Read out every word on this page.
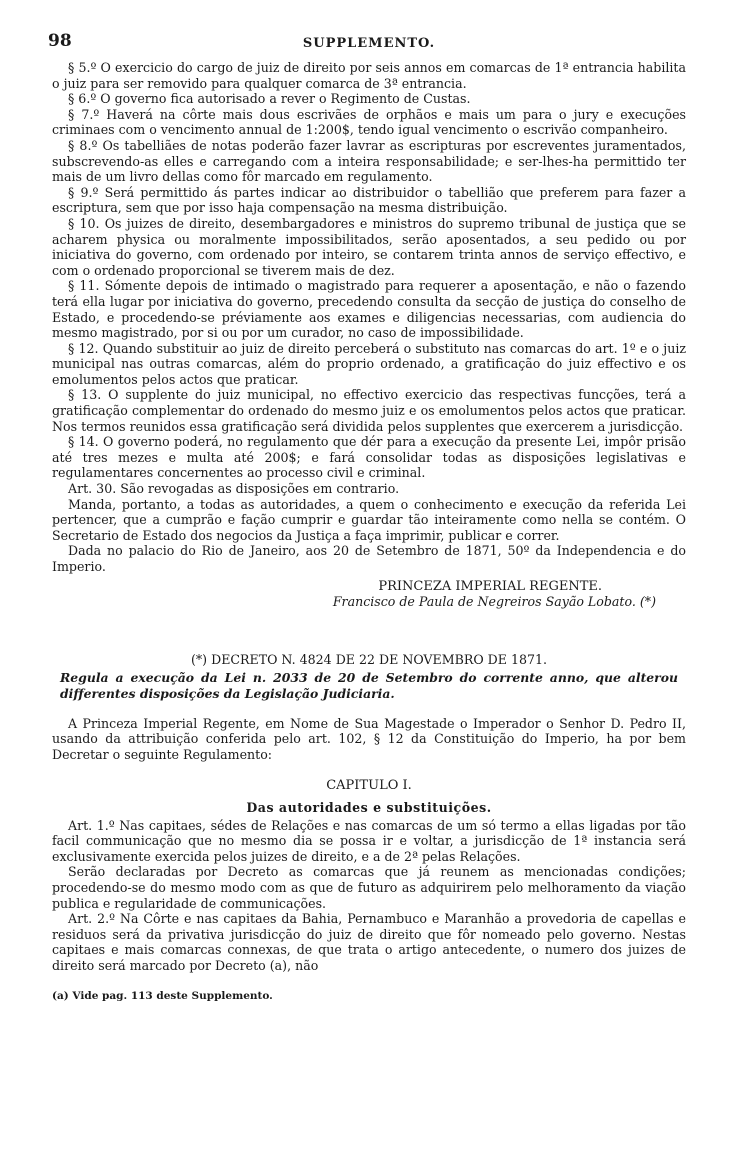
98	SUPPLEMENTO.

§ 5.º O exercicio do cargo de juiz de direito por seis annos em comarcas de 1ª entrancia habilita o juiz para ser removido para qualquer comarca de 3ª entrancia.

§ 6.º O governo fica autorisado a rever o Regimento de Custas.

§ 7.º Haverá na côrte mais dous escrivães de orphãos e mais um para o jury e execuções criminaes com o vencimento annual de 1:200$, tendo igual vencimento o escrivão companheiro.

§ 8.º Os tabelliães de notas poderão fazer lavrar as escripturas por escreventes juramentados, subscrevendo-as elles e carregando com a inteira responsabilidade; e ser-lhes-ha permittido ter mais de um livro dellas como fôr marcado em regulamento.

§ 9.º Será permittido ás partes indicar ao distribuidor o tabellião que preferem para fazer a escriptura, sem que por isso haja compensação na mesma distribuição.

§ 10. Os juizes de direito, desembargadores e ministros do supremo tribunal de justiça que se acharem physica ou moralmente impossibilitados, serão aposentados, a seu pedido ou por iniciativa do governo, com ordenado por inteiro, se contarem trinta annos de serviço effectivo, e com o ordenado proporcional se tiverem mais de dez.

§ 11. Sómente depois de intimado o magistrado para requerer a aposentação, e não o fazendo terá ella lugar por iniciativa do governo, precedendo consulta da secção de justiça do conselho de Estado, e procedendo-se préviamente aos exames e diligencias necessarias, com audiencia do mesmo magistrado, por si ou por um curador, no caso de impossibilidade.

§ 12. Quando substituir ao juiz de direito perceberá o substituto nas comarcas do art. 1º e o juiz municipal nas outras comarcas, além do proprio ordenado, a gratificação do juiz effectivo e os emolumentos pelos actos que praticar.

§ 13. O supplente do juiz municipal, no effectivo exercicio das respectivas funcções, terá a gratificação complementar do ordenado do mesmo juiz e os emolumentos pelos actos que praticar. Nos termos reunidos essa gratificação será dividida pelos supplentes que exercerem a jurisdicção.

§ 14. O governo poderá, no regulamento que dér para a execução da presente Lei, impôr prisão até tres mezes e multa até 200$; e fará consolidar todas as disposições legislativas e regulamentares concernentes ao processo civil e criminal.

Art. 30. São revogadas as disposições em contrario.

Manda, portanto, a todas as autoridades, a quem o conhecimento e execução da referida Lei pertencer, que a cumprão e fação cumprir e guardar tão inteiramente como nella se contém. O Secretario de Estado dos negocios da Justiça a faça imprimir, publicar e correr.

Dada no palacio do Rio de Janeiro, aos 20 de Setembro de 1871, 50º da Independencia e do Imperio.

PRINCEZA IMPERIAL REGENTE.
Francisco de Paula de Negreiros Sayão Lobato. (*)
(*) DECRETO N. 4824 DE 22 DE NOVEMBRO DE 1871.

Regula a execução da Lei n. 2033 de 20 de Setembro do corrente anno, que alterou differentes disposições da Legislação Judiciaria.

A Princeza Imperial Regente, em Nome de Sua Magestade o Imperador o Senhor D. Pedro II, usando da attribuição conferida pelo art. 102, § 12 da Constituição do Imperio, ha por bem Decretar o seguinte Regulamento:

CAPITULO I.
Das autoridades e substituições.

Art. 1.º Nas capitaes, sédes de Relações e nas comarcas de um só termo a ellas ligadas por tão facil communicação que no mesmo dia se possa ir e voltar, a jurisdicção de 1ª instancia será exclusivamente exercida pelos juizes de direito, e a de 2ª pelas Relações.

Serão declaradas por Decreto as comarcas que já reunem as mencionadas condições; procedendo-se do mesmo modo com as que de futuro as adquirirem pelo melhoramento da viação publica e regularidade de communicações.

Art. 2.º Na Côrte e nas capitaes da Bahia, Pernambuco e Maranhão a provedoria de capellas e residuos será da privativa jurisdicção do juiz de direito que fôr nomeado pelo governo. Nestas capitaes e mais comarcas connexas, de que trata o artigo antecedente, o numero dos juizes de direito será marcado por Decreto (a), não

(a) Vide pag. 113 deste Supplemento.
